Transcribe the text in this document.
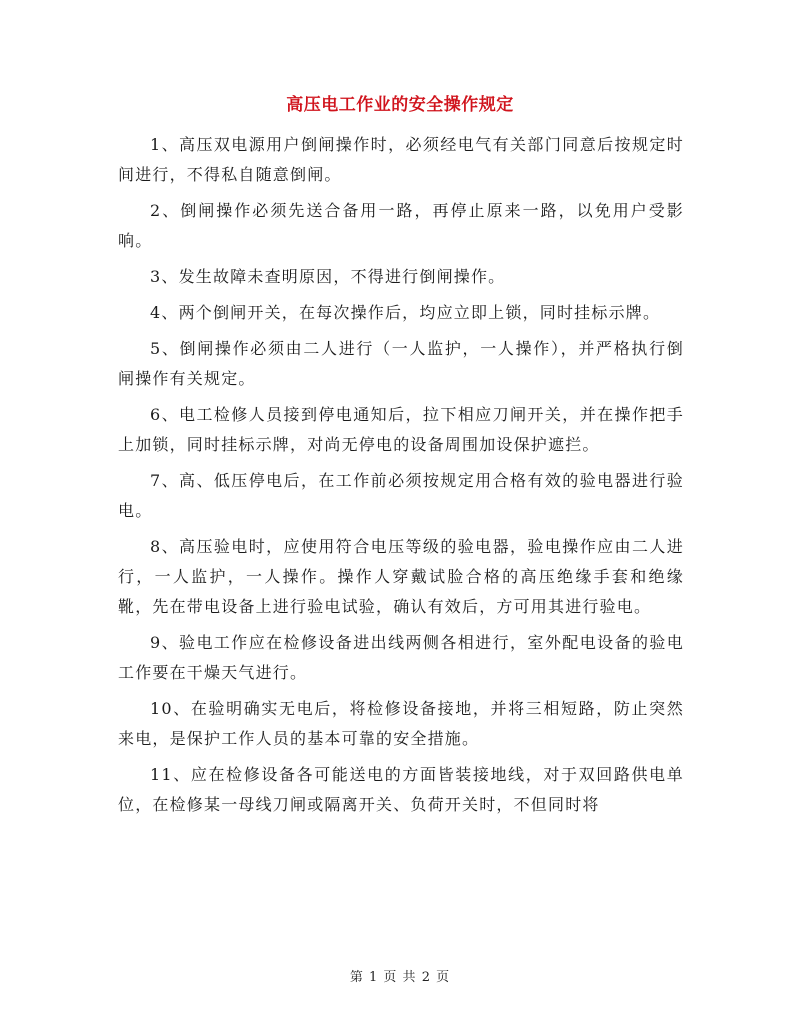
高压电工作业的安全操作规定

1、高压双电源用户倒闸操作时，必须经电气有关部门同意后按规定时间进行，不得私自随意倒闸。

2、倒闸操作必须先送合备用一路，再停止原来一路，以免用户受影响。

3、发生故障未查明原因，不得进行倒闸操作。

4、两个倒闸开关，在每次操作后，均应立即上锁，同时挂标示牌。

5、倒闸操作必须由二人进行（一人监护，一人操作），并严格执行倒闸操作有关规定。

6、电工检修人员接到停电通知后，拉下相应刀闸开关，并在操作把手上加锁，同时挂标示牌，对尚无停电的设备周围加设保护遮拦。

7、高、低压停电后，在工作前必须按规定用合格有效的验电器进行验电。

8、高压验电时，应使用符合电压等级的验电器，验电操作应由二人进行，一人监护，一人操作。操作人穿戴试脸合格的高压绝缘手套和绝缘靴，先在带电设备上进行验电试验，确认有效后，方可用其进行验电。

9、验电工作应在检修设备进出线两侧各相进行，室外配电设备的验电工作要在干燥天气进行。

10、在验明确实无电后，将检修设备接地，并将三相短路，防止突然来电，是保护工作人员的基本可靠的安全措施。

11、应在检修设备各可能送电的方面皆装接地线，对于双回路供电单位，在检修某一母线刀闸或隔离开关、负荷开关时，不但同时将

第 1 页 共 2 页
